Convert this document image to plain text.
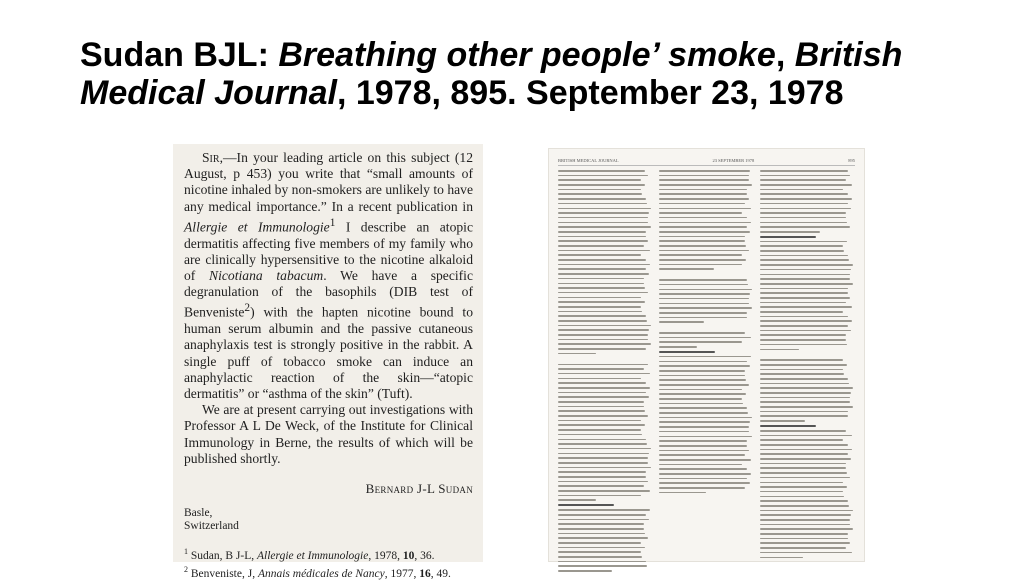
Sudan BJL: Breathing other people’ smoke, British Medical Journal, 1978, 895. September 23, 1978

Sir,—In your leading article on this subject (12 August, p 453) you write that “small amounts of nicotine inhaled by non-smokers are unlikely to have any medical importance.” In a recent publication in Allergie et Immunologie$^1$ I describe an atopic dermatitis affecting five members of my family who are clinically hypersensitive to the nicotine alkaloid of Nicotiana tabacum. We have a specific degranulation of the basophils (DIB test of Benveniste$^2$) with the hapten nicotine bound to human serum albumin and the passive cutaneous anaphylaxis test is strongly positive in the rabbit. A single puff of tobacco smoke can induce an anaphylactic reaction of the skin—“atopic dermatitis” or “asthma of the skin” (Tuft).

We are at present carrying out investigations with Professor A L De Weck, of the Institute for Clinical Immunology in Berne, the results of which will be published shortly.

Bernard J-L Sudan

Basle,
Switzerland

$^1$ Sudan, B J-L, Allergie et Immunologie, 1978, 10, 36.

$^2$ Benveniste, J, Annais médicales de Nancy, 1977, 16, 49.

BRITISH MEDICAL JOURNAL	23 SEPTEMBER 1978	895
